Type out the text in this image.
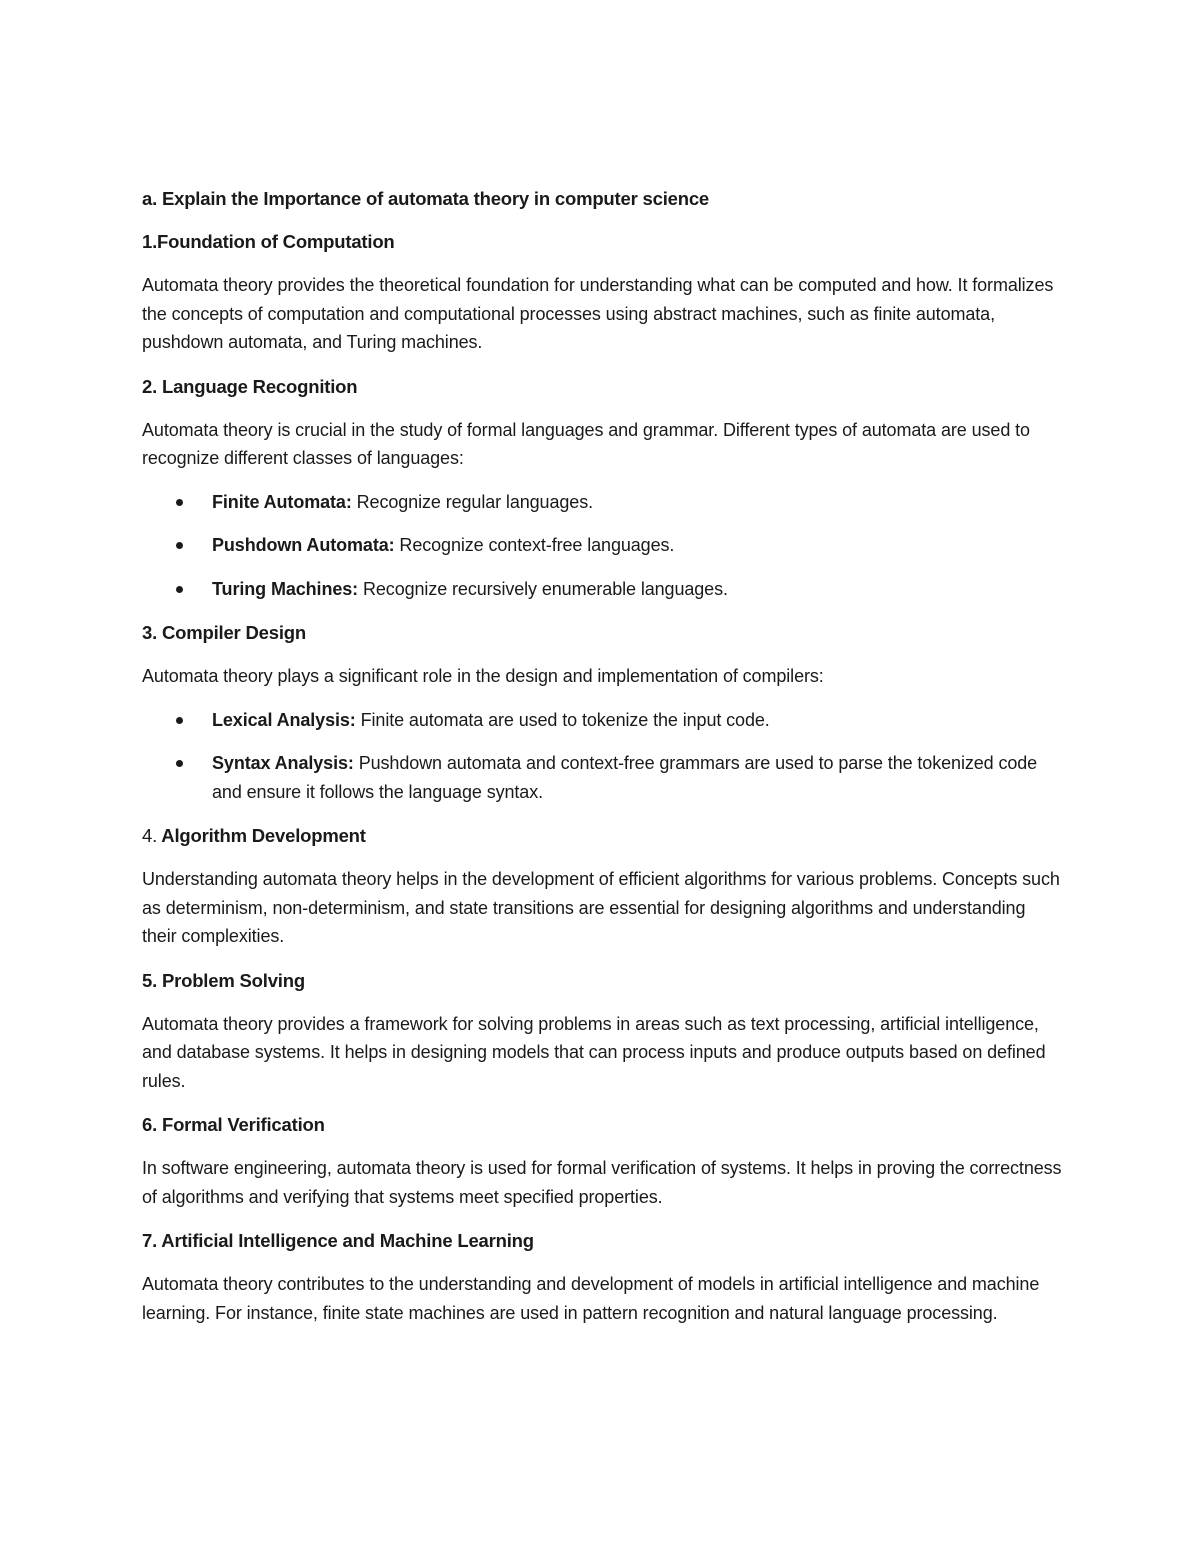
a. Explain the Importance of automata theory in computer science
1.Foundation of Computation

Automata theory provides the theoretical foundation for understanding what can be computed and how. It formalizes the concepts of computation and computational processes using abstract machines, such as finite automata, pushdown automata, and Turing machines.

2. Language Recognition

Automata theory is crucial in the study of formal languages and grammar. Different types of automata are used to recognize different classes of languages:

Finite Automata: Recognize regular languages.
Pushdown Automata: Recognize context-free languages.
Turing Machines: Recognize recursively enumerable languages.
3. Compiler Design

Automata theory plays a significant role in the design and implementation of compilers:

Lexical Analysis: Finite automata are used to tokenize the input code.
Syntax Analysis: Pushdown automata and context-free grammars are used to parse the tokenized code and ensure it follows the language syntax.
4. Algorithm Development

Understanding automata theory helps in the development of efficient algorithms for various problems. Concepts such as determinism, non-determinism, and state transitions are essential for designing algorithms and understanding their complexities.

5. Problem Solving

Automata theory provides a framework for solving problems in areas such as text processing, artificial intelligence, and database systems. It helps in designing models that can process inputs and produce outputs based on defined rules.

6. Formal Verification

In software engineering, automata theory is used for formal verification of systems. It helps in proving the correctness of algorithms and verifying that systems meet specified properties.

7. Artificial Intelligence and Machine Learning

Automata theory contributes to the understanding and development of models in artificial intelligence and machine learning. For instance, finite state machines are used in pattern recognition and natural language processing.
